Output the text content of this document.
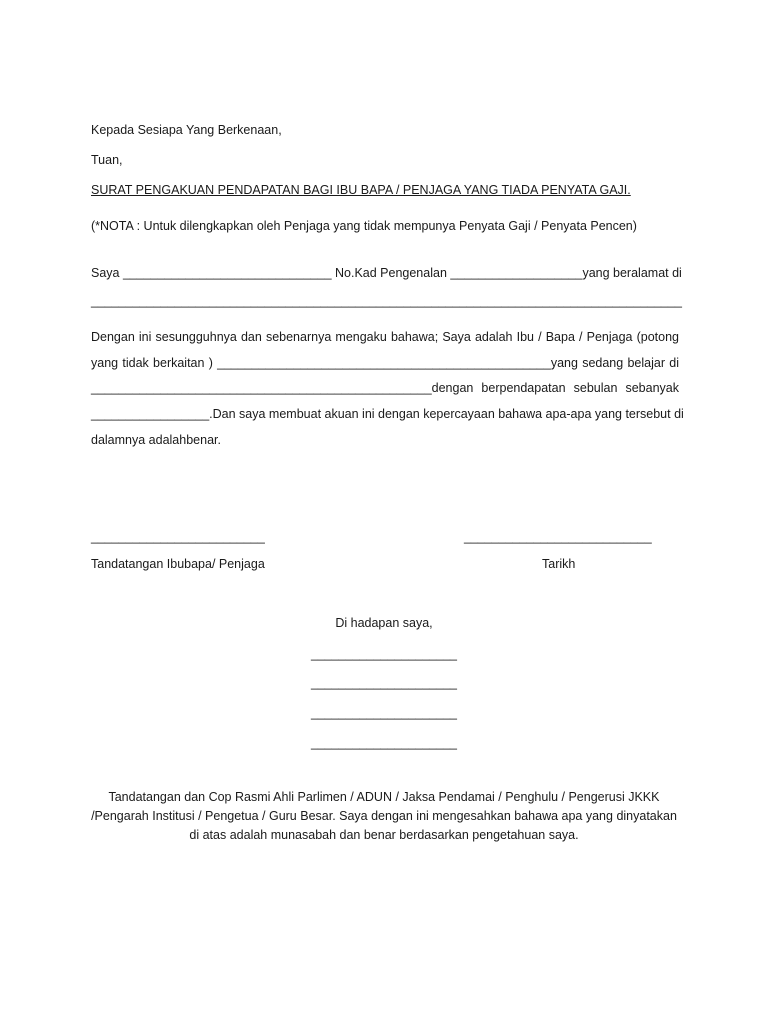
Kepada Sesiapa Yang Berkenaan,
Tuan,
SURAT PENGAKUAN PENDAPATAN BAGI IBU BAPA / PENJAGA YANG TIADA PENYATA GAJI.
(*NOTA : Untuk dilengkapkan oleh Penjaga yang tidak mempunya Penyata Gaji / Penyata Pencen)
Saya ______________________________ No.Kad Pengenalan ___________________yang beralamat di
_____________________________________________________________________________________
Dengan ini sesungguhnya dan sebenarnya mengaku bahawa; Saya adalah Ibu / Bapa / Penjaga (potong
yang tidak berkaitan ) ________________________________________________yang sedang belajar di
_________________________________________________dengan berpendapatan sebulan sebanyak
_________________.Dan saya membuat akuan ini dengan kepercayaan bahawa apa-apa yang tersebut di
dalamnya adalahbenar.
_________________________	___________________________
Tandatangan Ibubapa/ Penjaga	Tarikh
Di hadapan saya,
_____________________
_____________________
_____________________
_____________________
Tandatangan dan Cop Rasmi Ahli Parlimen / ADUN / Jaksa Pendamai / Penghulu / Pengerusi JKKK
/Pengarah Institusi / Pengetua / Guru Besar. Saya dengan ini mengesahkan bahawa apa yang dinyatakan
di atas adalah munasabah dan benar berdasarkan pengetahuan saya.
